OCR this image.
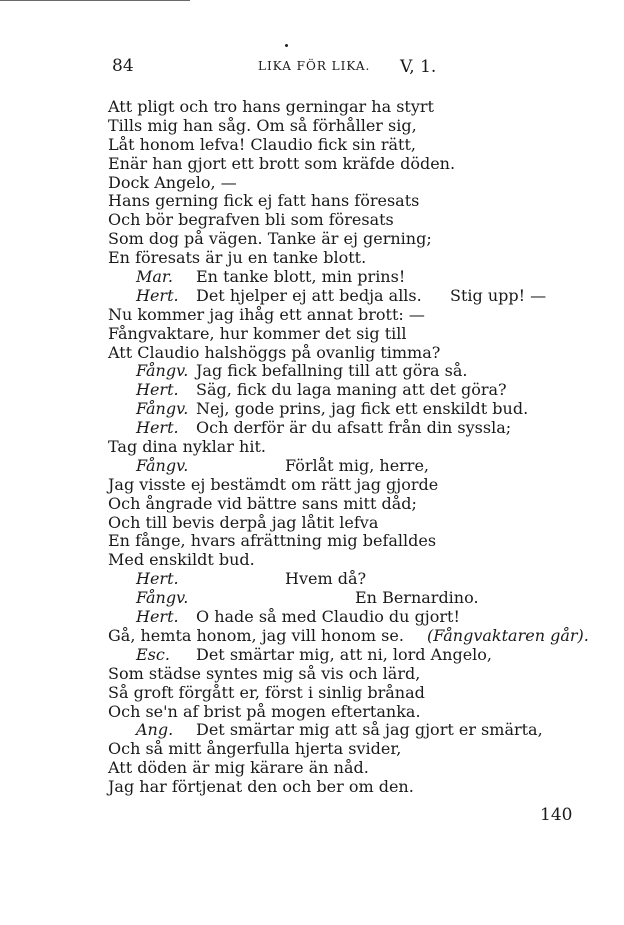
84	LIKA FÖR LIKA. V, 1.
Att pligt och tro hans gerningar ha styrt
Tills mig han såg. Om så förhåller sig,
Låt honom lefva! Claudio fick sin rätt,
Enär han gjort ett brott som kräfde döden.
Dock Angelo, —
Hans gerning fick ej fatt hans föresats
Och bör begrafven bli som föresats
Som dog på vägen. Tanke är ej gerning;
En föresats är ju en tanke blott.
Mar. En tanke blott, min prins!
Hert. Det hjelper ej att bedja alls. Stig upp! —
Nu kommer jag ihåg ett annat brott: —
Fångvaktare, hur kommer det sig till
Att Claudio halshöggs på ovanlig timma?
Fångv. Jag fick befallning till att göra så.
Hert. Säg, fick du laga maning att det göra?
Fångv. Nej, gode prins, jag fick ett enskildt bud.
Hert. Och derför är du afsatt från din syssla;
Tag dina nyklar hit.
Fångv.	Förlåt mig, herre,
Jag visste ej bestämdt om rätt jag gjorde
Och ångrade vid bättre sans mitt dåd;
Och till bevis derpå jag låtit lefva
En fånge, hvars afrättning mig befalldes
Med enskildt bud.
Hert.	Hvem då?
Fångv.	En Bernardino.
Hert. O hade så med Claudio du gjort!
Gå, hemta honom, jag vill honom se. (Fångvaktaren går).
Esc. Det smärtar mig, att ni, lord Angelo,
Som städse syntes mig så vis och lärd,
Så groft förgått er, först i sinlig brånad
Och se'n af brist på mogen eftertanka.
Ang. Det smärtar mig att så jag gjort er smärta,
Och så mitt ångerfulla hjerta svider,
Att döden är mig kärare än nåd.
Jag har förtjenat den och ber om den.
140
